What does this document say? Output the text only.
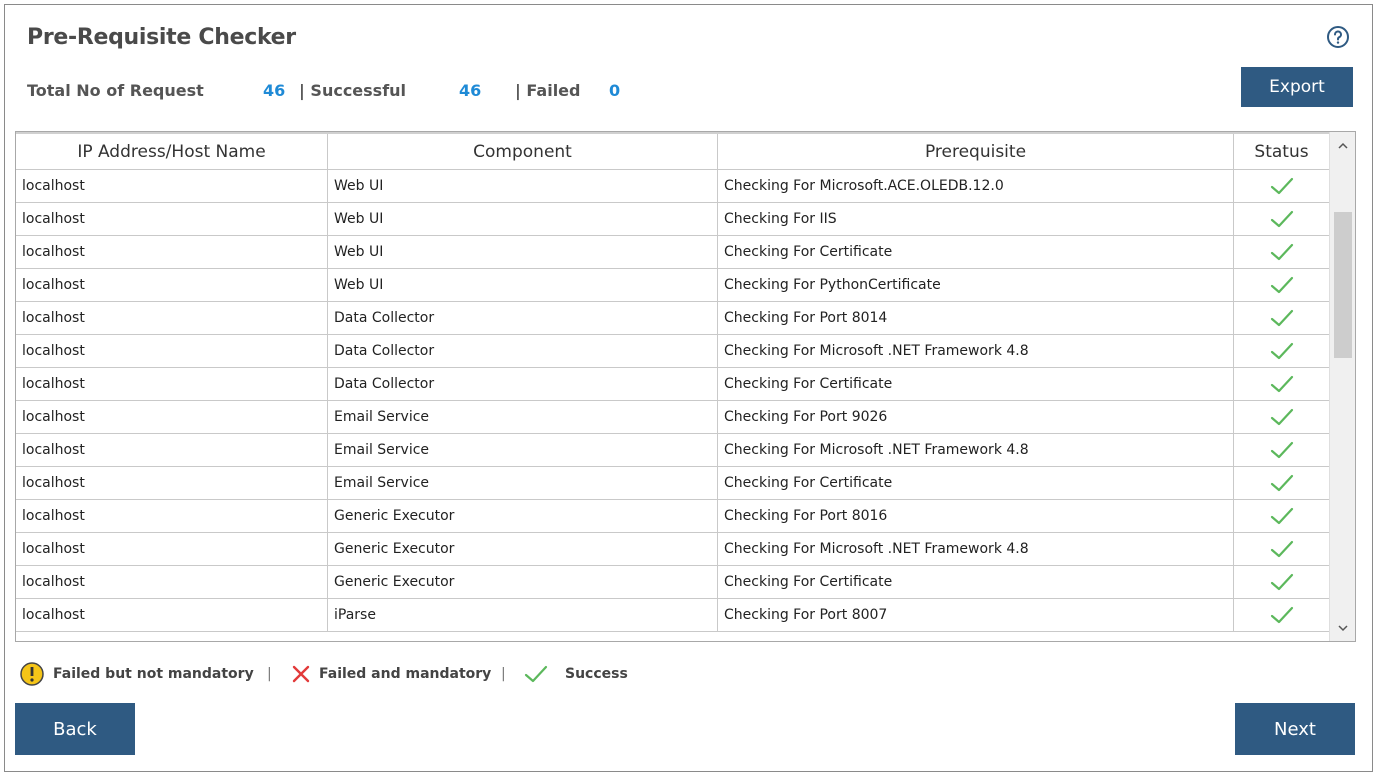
Pre-Requisite Checker
Total No of Request	46 | Successful	46 | Failed 0	Export
IP Address/Host Name	Component	Prerequisite	Status
localhost	Web UI	Checking For Microsoft.ACE.OLEDB.12.0
localhost	Web UI	Checking For IIS
localhost	Web UI	Checking For Certificate
localhost	Web UI	Checking For PythonCertificate
localhost	Data Collector	Checking For Port 8014
localhost	Data Collector	Checking For Microsoft .NET Framework 4.8
localhost	Data Collector	Checking For Certificate
localhost	Email Service	Checking For Port 9026
localhost	Email Service	Checking For Microsoft .NET Framework 4.8
localhost	Email Service	Checking For Certificate
localhost	Generic Executor	Checking For Port 8016
localhost	Generic Executor	Checking For Microsoft .NET Framework 4.8
localhost	Generic Executor	Checking For Certificate
localhost	iParse	Checking For Port 8007
Failed but not mandatory |	Failed and mandatory |	Success
Back	Next
